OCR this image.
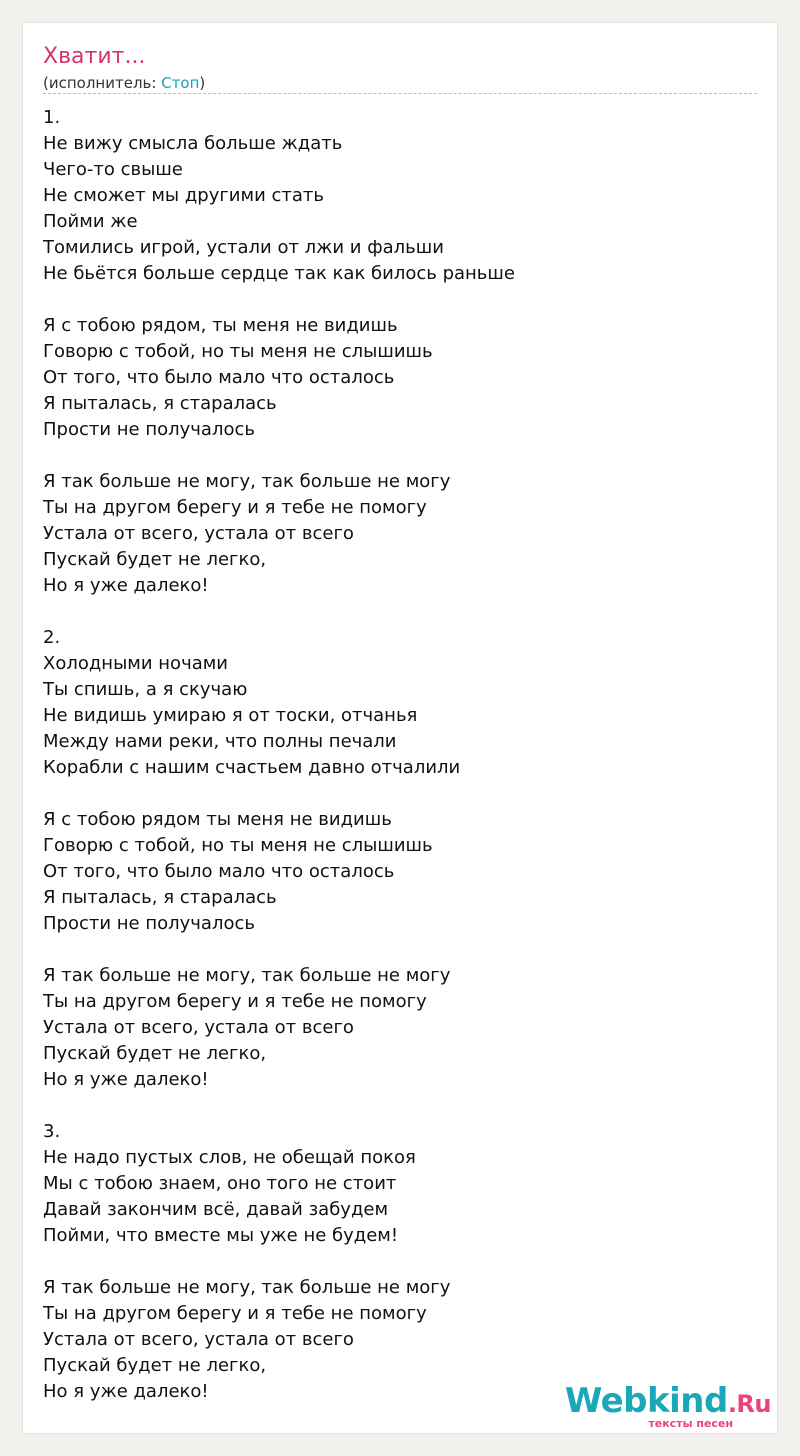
Хватит...
(исполнитель: Стоп)
1.
Не вижу смысла больше ждать
Чего-то свыше
Не сможет мы другими стать
Пойми же
Томились игрой, устали от лжи и фальши
Не бьётся больше сердце так как билось раньше
Я с тобою рядом, ты меня не видишь
Говорю с тобой, но ты меня не слышишь
От того, что было мало что осталось
Я пыталась, я старалась
Прости не получалось
Я так больше не могу, так больше не могу
Ты на другом берегу и я тебе не помогу
Устала от всего, устала от всего
Пускай будет не легко,
Но я уже далеко!
2.
Холодными ночами
Ты спишь, а я скучаю
Не видишь умираю я от тоски, отчанья
Между нами реки, что полны печали
Корабли с нашим счастьем давно отчалили
Я с тобою рядом ты меня не видишь
Говорю с тобой, но ты меня не слышишь
От того, что было мало что осталось
Я пыталась, я старалась
Прости не получалось
Я так больше не могу, так больше не могу
Ты на другом берегу и я тебе не помогу
Устала от всего, устала от всего
Пускай будет не легко,
Но я уже далеко!
3.
Не надо пустых слов, не обещай покоя
Мы с тобою знаем, оно того не стоит
Давай закончим всё, давай забудем
Пойми, что вместе мы уже не будем!
Я так больше не могу, так больше не могу
Ты на другом берегу и я тебе не помогу
Устала от всего, устала от всего
Пускай будет не легко,
Но я уже далеко!	Webkind.Ru
тексты песен
